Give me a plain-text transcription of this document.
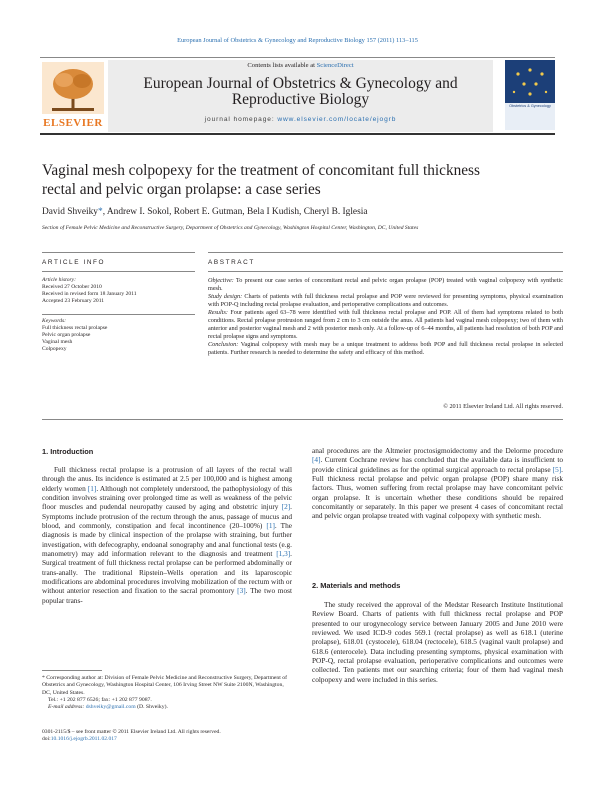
European Journal of Obstetrics & Gynecology and Reproductive Biology 157 (2011) 113–115
ELSEVIER
Contents lists available at ScienceDirect
European Journal of Obstetrics & Gynecology and
Reproductive Biology
journal homepage: www.elsevier.com/locate/ejogrb
Obstetrics & Gynecology
Vaginal mesh colpopexy for the treatment of concomitant full thickness
rectal and pelvic organ prolapse: a case series
David Shveiky*, Andrew I. Sokol, Robert E. Gutman, Bela I Kudish, Cheryl B. Iglesia
Section of Female Pelvic Medicine and Reconstructive Surgery, Department of Obstetrics and Gynecology, Washington Hospital Center, Washington, DC, United States
ARTICLE INFO	ABSTRACT
Article history:
Received 27 October 2010
Received in revised form 18 January 2011
Accepted 23 February 2011
Keywords:
Full thickness rectal prolapse
Pelvic organ prolapse
Vaginal mesh
Colpopexy

Objective: To present our case series of concomitant rectal and pelvic organ prolapse (POP) treated with vaginal colpopexy with synthetic mesh.

Study design: Charts of patients with full thickness rectal prolapse and POP were reviewed for presenting symptoms, physical examination with POP-Q including rectal prolapse evaluation, and perioperative complications and outcomes.

Results: Four patients aged 63–78 were identified with full thickness rectal prolapse and POP. All of them had symptoms related to both conditions. Rectal prolapse protrusion ranged from 2 cm to 3 cm outside the anus. All patients had vaginal mesh colpopexy; two of them with anterior and posterior vaginal mesh and 2 with posterior mesh only. At a follow-up of 6–44 months, all patients had resolution of both POP and rectal prolapse signs and symptoms.

Conclusion: Vaginal colpopexy with mesh may be a unique treatment to address both POP and full thickness rectal prolapse in selected patients. Further research is needed to determine the safety and efficacy of this method.

© 2011 Elsevier Ireland Ltd. All rights reserved.
1. Introduction

Full thickness rectal prolapse is a protrusion of all layers of the rectal wall through the anus. Its incidence is estimated at 2.5 per 100,000 and is highest among elderly women [1]. Although not completely understood, the pathophysiology of this condition involves straining over prolonged time as well as weakness of the pelvic floor muscles and pudendal neuropathy caused by aging and obstetric injury [2]. Symptoms include protrusion of the rectum through the anus, passage of mucus and blood, and commonly, constipation and fecal incontinence (20–100%) [1]. The diagnosis is made by clinical inspection of the prolapse with straining, but further investigation, with defecography, endoanal sonography and anal functional tests (e.g. manometry) may add information relevant to the diagnosis and treatment [1,3]. Surgical treatment of full thickness rectal prolapse can be performed abdominally or trans-anally. The traditional Ripstein–Wells operation and its laparoscopic modifications are abdominal procedures involving mobilization of the rectum with or without anterior resection and fixation to the sacral promontory [3]. The two most popular trans-

* Corresponding author at: Division of Female Pelvic Medicine and Reconstructive Surgery, Department of Obstetrics and Gynecology, Washington Hospital Center, 106 Irving Street NW Suite 2100N, Washington, DC, United States.
Tel.: +1 202 877 6526; fax: +1 202 877 9087.
E-mail address: dshveiky@gmail.com (D. Shveiky).
0301-2115/$ – see front matter © 2011 Elsevier Ireland Ltd. All rights reserved.
doi:10.1016/j.ejogrb.2011.02.017

anal procedures are the Altmeier proctosigmoidectomy and the Delorme procedure [4]. Current Cochrane review has concluded that the available data is insufficient to provide clinical guidelines as for the optimal surgical approach to rectal prolapse [5]. Full thickness rectal prolapse and pelvic organ prolapse (POP) share many risk factors. Thus, women suffering from rectal prolapse may have concomitant pelvic organ prolapse. It is uncertain whether these conditions should be repaired concomitantly or separately. In this paper we present 4 cases of concomitant rectal and pelvic organ prolapse treated with vaginal colpopexy with synthetic mesh.

2. Materials and methods

The study received the approval of the Medstar Research Institute Institutional Review Board. Charts of patients with full thickness rectal prolapse and POP presented to our urogynecology service between January 2005 and June 2010 were reviewed. We used ICD-9 codes 569.1 (rectal prolapse) as well as 618.1 (uterine prolapse), 618.01 (cystocele), 618.04 (rectocele), 618.5 (vaginal vault prolapse) and 618.6 (enterocele). Data including presenting symptoms, physical examination with POP-Q, rectal prolapse evaluation, perioperative complications and outcomes were collected. Ten patients met our searching criteria; four of them had vaginal mesh colpopexy and were included in this series.
